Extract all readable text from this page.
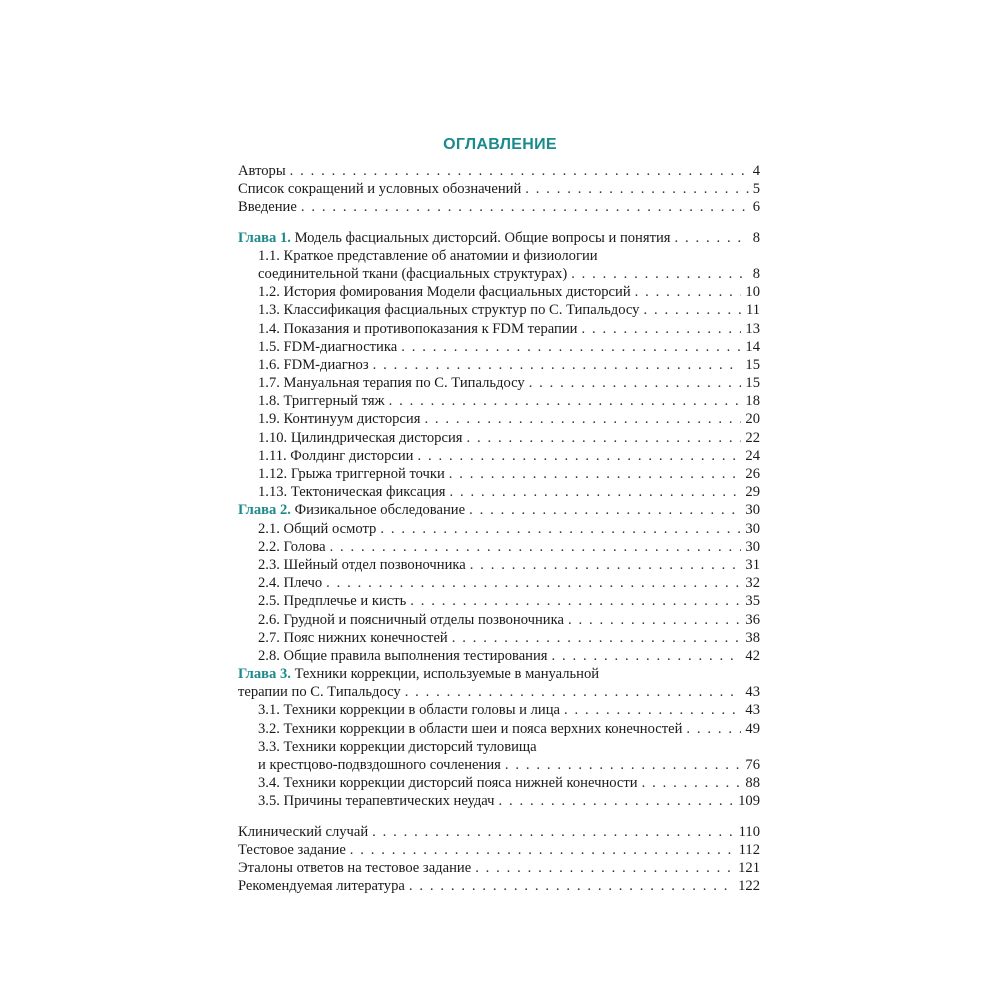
ОГЛАВЛЕНИЕ
Авторы . . .	4
Список сокращений и условных обозначений . . .	5
Введение . . .	6
Глава 1. Модель фасциальных дисторсий. Общие вопросы и понятия . . .	8
1.1. Краткое представление об анатомии и физиологии
соединительной ткани (фасциальных структурах) . . .	8
1.2. История фомирования Модели фасциальных дисторсий . . .	10
1.3. Классификация фасциальных структур по С. Типальдосу . . .	11
1.4. Показания и противопоказания к FDM терапии . . .	13
1.5. FDM-диагностика . . .	14
1.6. FDM-диагноз . . .	15
1.7. Мануальная терапия по С. Типальдосу . . .	15
1.8. Триггерный тяж . . .	18
1.9. Континуум дисторсия . . .	20
1.10. Цилиндрическая дисторсия . . .	22
1.11. Фолдинг дисторсии . . .	24
1.12. Грыжа триггерной точки . . .	26
1.13. Тектоническая фиксация . . .	29
Глава 2. Физикальное обследование . . .	30
2.1. Общий осмотр . . .	30
2.2. Голова . . .	30
2.3. Шейный отдел позвоночника . . .	31
2.4. Плечо . . .	32
2.5. Предплечье и кисть . . .	35
2.6. Грудной и поясничный отделы позвоночника . . .	36
2.7. Пояс нижних конечностей . . .	38
2.8. Общие правила выполнения тестирования . . .	42
Глава 3. Техники коррекции, используемые в мануальной
терапии по С. Типальдосу . . .	43
3.1. Техники коррекции в области головы и лица . . .	43
3.2. Техники коррекции в области шеи и пояса верхних конечностей . . .	49
3.3. Техники коррекции дисторсий туловища
и крестцово-подвздошного сочленения . . .	76
3.4. Техники коррекции дисторсий пояса нижней конечности . . .	88
3.5. Причины терапевтических неудач . . .	109
Клинический случай . . .	110
Тестовое задание . . .	112
Эталоны ответов на тестовое задание . . .	121
Рекомендуемая литература . . .	122
